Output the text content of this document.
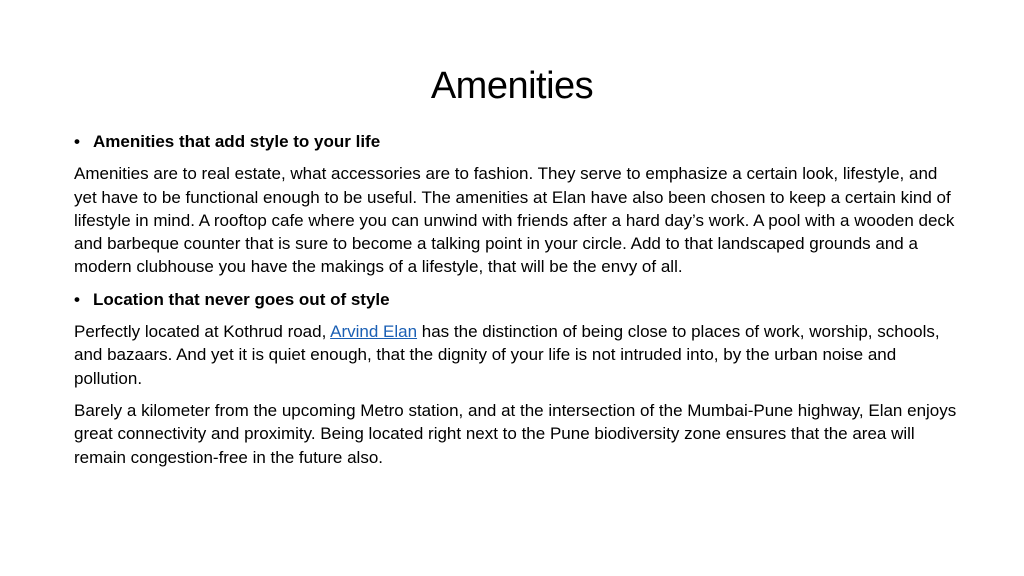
Amenities
• Amenities that add style to your life

Amenities are to real estate, what accessories are to fashion. They serve to emphasize a certain look, lifestyle, and yet have to be functional enough to be useful. The amenities at Elan have also been chosen to keep a certain kind of lifestyle in mind. A rooftop cafe where you can unwind with friends after a hard day’s work. A pool with a wooden deck and barbeque counter that is sure to become a talking point in your circle. Add to that landscaped grounds and a modern clubhouse you have the makings of a lifestyle, that will be the envy of all.

• Location that never goes out of style

Perfectly located at Kothrud road, Arvind Elan has the distinction of being close to places of work, worship, schools, and bazaars. And yet it is quiet enough, that the dignity of your life is not intruded into, by the urban noise and pollution.

Barely a kilometer from the upcoming Metro station, and at the intersection of the Mumbai-Pune highway, Elan enjoys great connectivity and proximity. Being located right next to the Pune biodiversity zone ensures that the area will remain congestion-free in the future also.
